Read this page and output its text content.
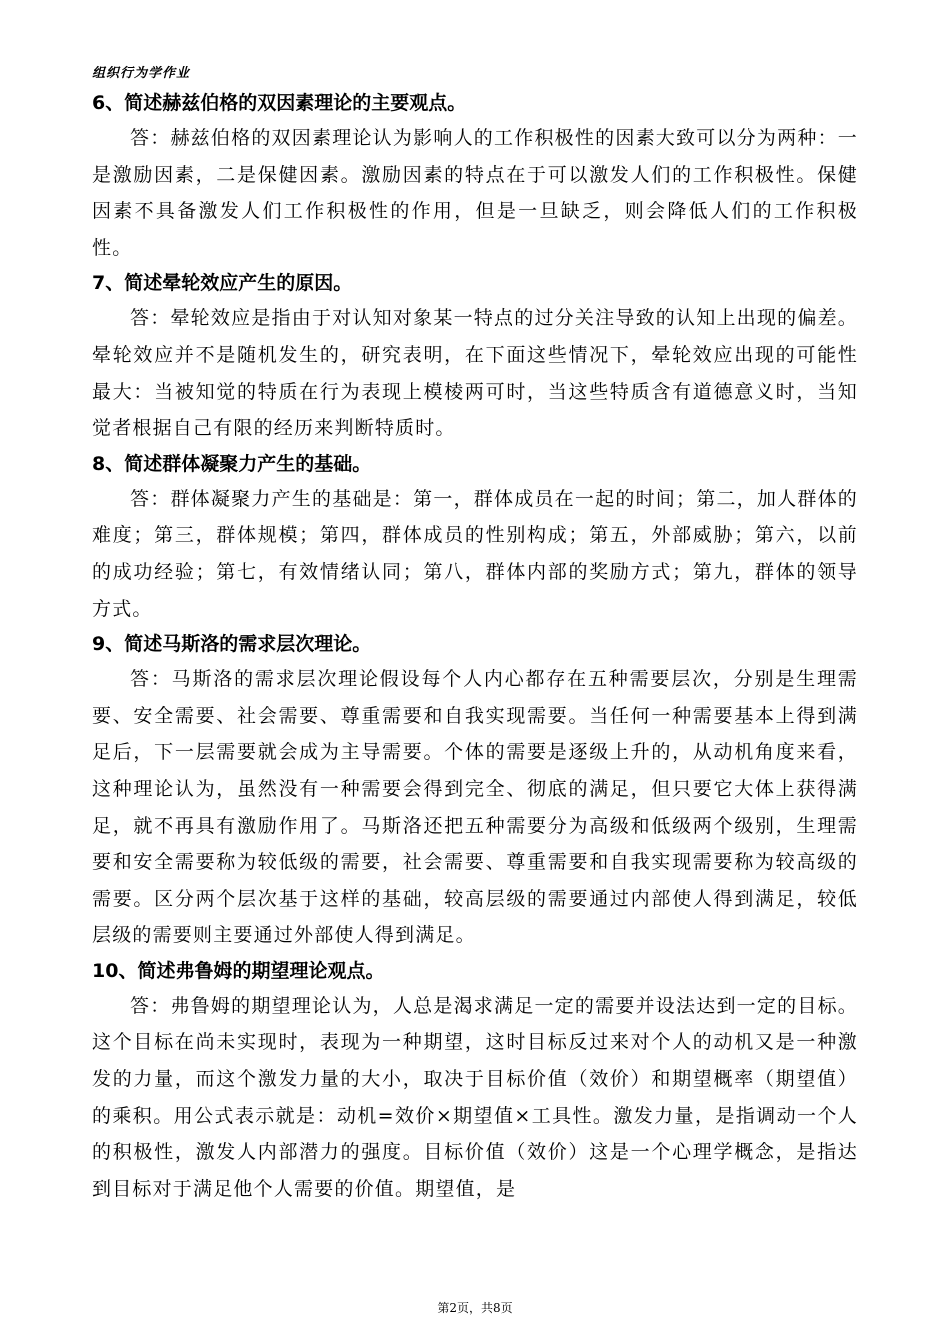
组织行为学作业

6、简述赫兹伯格的双因素理论的主要观点。

答：赫兹伯格的双因素理论认为影响人的工作积极性的因素大致可以分为两种：一是激励因素，二是保健因素。激励因素的特点在于可以激发人们的工作积极性。保健因素不具备激发人们工作积极性的作用，但是一旦缺乏，则会降低人们的工作积极性。

7、简述晕轮效应产生的原因。

答：晕轮效应是指由于对认知对象某一特点的过分关注导致的认知上出现的偏差。晕轮效应并不是随机发生的，研究表明，在下面这些情况下，晕轮效应出现的可能性最大：当被知觉的特质在行为表现上模棱两可时，当这些特质含有道德意义时，当知觉者根据自己有限的经历来判断特质时。

8、简述群体凝聚力产生的基础。

答：群体凝聚力产生的基础是：第一，群体成员在一起的时间；第二，加人群体的难度；第三，群体规模；第四，群体成员的性别构成；第五，外部威胁；第六，以前的成功经验；第七，有效情绪认同；第八，群体内部的奖励方式；第九，群体的领导方式。

9、简述马斯洛的需求层次理论。

答：马斯洛的需求层次理论假设每个人内心都存在五种需要层次，分别是生理需要、安全需要、社会需要、尊重需要和自我实现需要。当任何一种需要基本上得到满足后，下一层需要就会成为主导需要。个体的需要是逐级上升的，从动机角度来看，这种理论认为，虽然没有一种需要会得到完全、彻底的满足，但只要它大体上获得满足，就不再具有激励作用了。马斯洛还把五种需要分为高级和低级两个级别，生理需要和安全需要称为较低级的需要，社会需要、尊重需要和自我实现需要称为较高级的需要。区分两个层次基于这样的基础，较高层级的需要通过内部使人得到满足，较低层级的需要则主要通过外部使人得到满足。

10、简述弗鲁姆的期望理论观点。

答：弗鲁姆的期望理论认为，人总是渴求满足一定的需要并设法达到一定的目标。这个目标在尚未实现时，表现为一种期望，这时目标反过来对个人的动机又是一种激发的力量，而这个激发力量的大小，取决于目标价值（效价）和期望概率（期望值）的乘积。用公式表示就是：动机=效价×期望值×工具性。激发力量，是指调动一个人的积极性，激发人内部潜力的强度。目标价值（效价）这是一个心理学概念，是指达到目标对于满足他个人需要的价值。期望值，是

第2页，共8页
